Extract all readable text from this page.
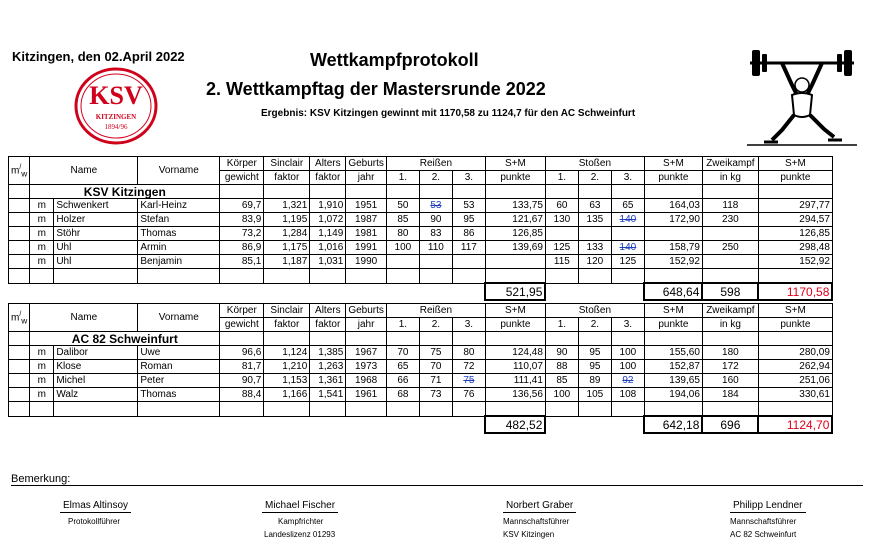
Kitzingen, den 02.April 2022	Wettkampfprotokoll
2. Wettkampftag der Mastersrunde 2022
Ergebnis: KSV Kitzingen gewinnt mit 1170,58 zu 1124,7 für den AC Schweinfurt
KSV
KITZINGEN
1894/96
$m^/_w$	Name		Vorname	Körper	Sinclair	Alters	Geburts	Reißen			S+M	Stoßen			S+M	Zweikampf	S+M
				gewicht	faktor	faktor	jahr	1.	2.	3.	punkte	1.	2.	3.	punkte	in kg	punkte
	KSV Kitzingen																
	m	Schwenkert	Karl-Heinz	69,7	1,321	1,910	1951	50	53	53	133,75	60	63	65	164,03	118	297,77
	m	Holzer	Stefan	83,9	1,195	1,072	1987	85	90	95	121,67	130	135	140	172,90	230	294,57
	m	Stöhr	Thomas	73,2	1,284	1,149	1981	80	83	86	126,85						126,85
	m	Uhl	Armin	86,9	1,175	1,016	1991	100	110	117	139,69	125	133	140	158,79	250	298,48
	m	Uhl	Benjamin	85,1	1,187	1,031	1990					115	120	125	152,92		152,92

											521,95				648,64	598	1170,58
$m^/_w$	Name		Vorname	Körper	Sinclair	Alters	Geburts	Reißen			S+M	Stoßen			S+M	Zweikampf	S+M
				gewicht	faktor	faktor	jahr	1.	2.	3.	punkte	1.	2.	3.	punkte	in kg	punkte
	AC 82 Schweinfurt																
	m	Dalibor	Uwe	96,6	1,124	1,385	1967	70	75	80	124,48	90	95	100	155,60	180	280,09
	m	Klose	Roman	81,7	1,210	1,263	1973	65	70	72	110,07	88	95	100	152,87	172	262,94
	m	Michel	Peter	90,7	1,153	1,361	1968	66	71	75	111,41	85	89	92	139,65	160	251,06
	m	Walz	Thomas	88,4	1,166	1,541	1961	68	73	76	136,56	100	105	108	194,06	184	330,61

											482,52				642,18	696	1124,70
Bemerkung:
Elmas Altinsoy
Protokollführer
Michael Fischer
Kampfrichter
Landeslizenz 01293
Norbert Graber
Mannschaftsführer
KSV Kitzingen
Philipp Lendner
Mannschaftsführer
AC 82 Schweinfurt
